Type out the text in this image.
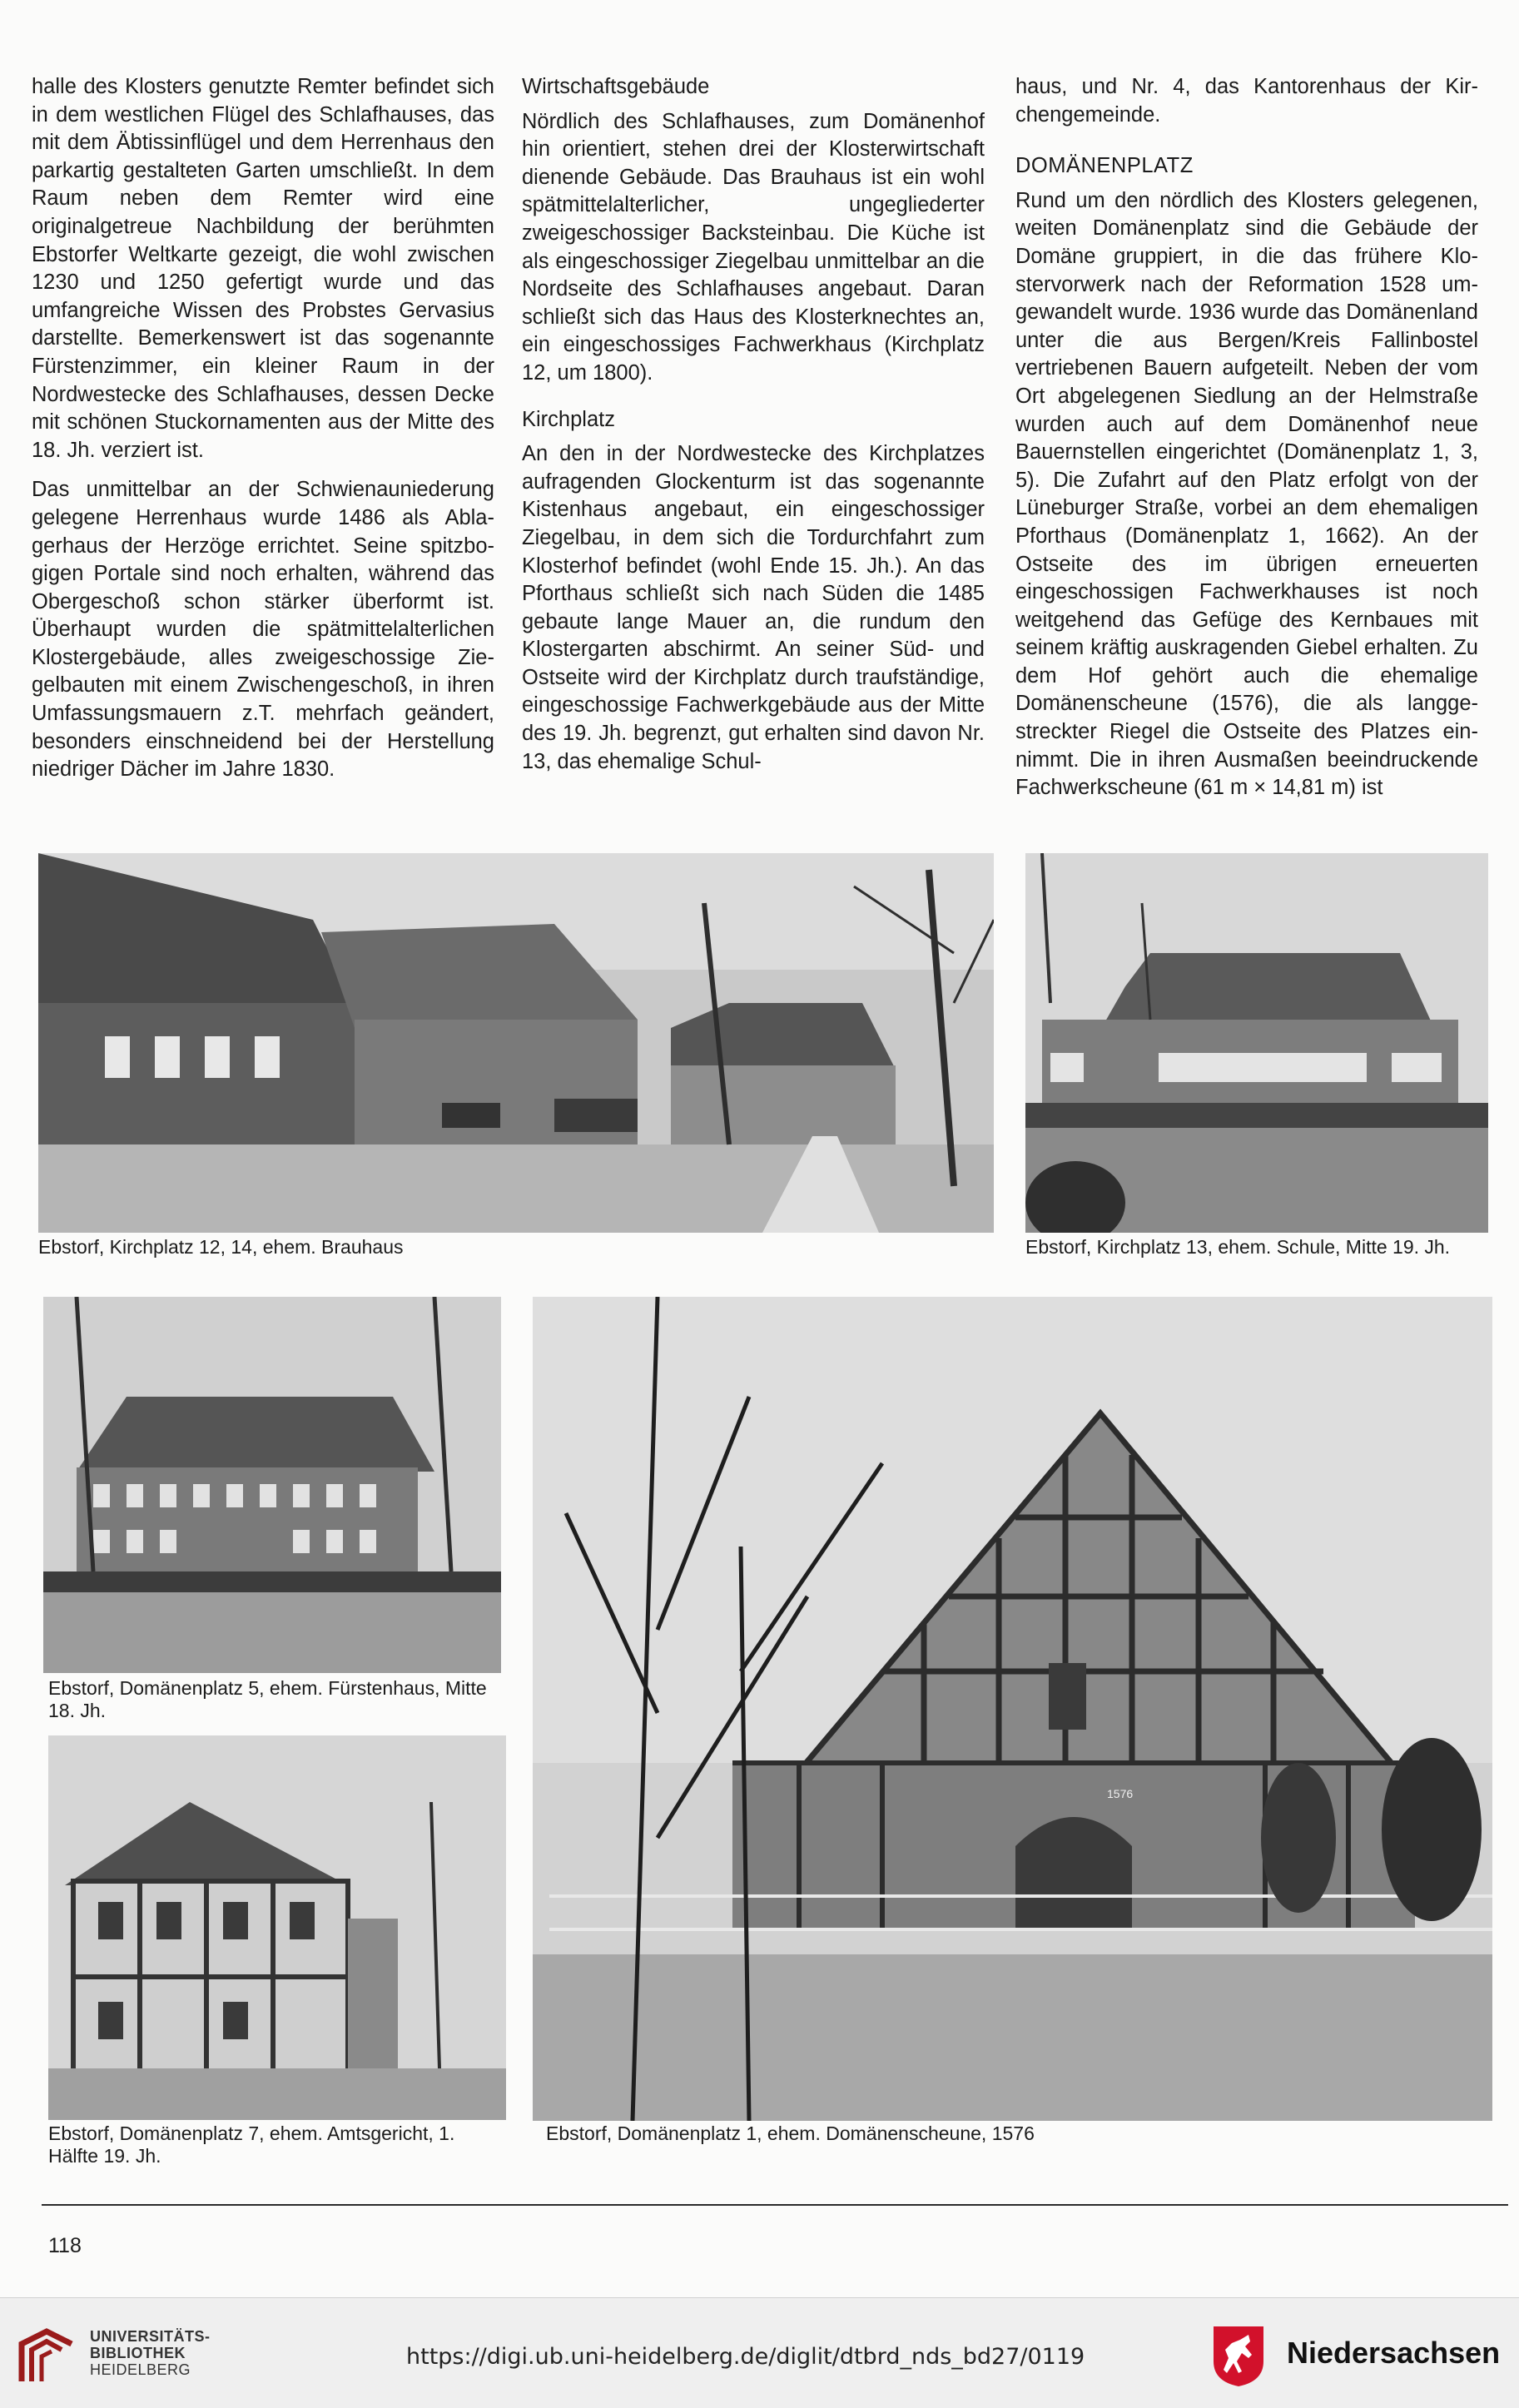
halle des Klosters genutzte Remter befindet sich in dem westlichen Flügel des Schlafhauses, das mit dem Äbtissinflügel und dem Herrenhaus den parkartig gestalteten Garten umschließt. In dem Raum neben dem Remter wird eine originalgetreue Nachbildung der berühmten Ebstorfer Weltkarte gezeigt, die wohl zwischen 1230 und 1250 gefertigt wurde und das umfangreiche Wissen des Probstes Gervasius darstellte. Bemerkenswert ist das sogenannte Fürstenzimmer, ein kleiner Raum in der Nordwestecke des Schlafhauses, dessen Decke mit schönen Stuckornamenten aus der Mitte des 18. Jh. verziert ist.

Das unmittelbar an der Schwienauniederung gelegene Herrenhaus wurde 1486 als Ablagerhaus der Herzöge errichtet. Seine spitzbogigen Portale sind noch erhalten, während das Obergeschoß schon stärker überformt ist. Überhaupt wurden die spätmittelalterlichen Klostergebäude, alles zweigeschossige Ziegelbauten mit einem Zwischengeschoß, in ihren Umfassungsmauern z.T. mehrfach geändert, besonders einschneidend bei der Herstellung niedriger Dächer im Jahre 1830.

Wirtschaftsgebäude

Nördlich des Schlafhauses, zum Domänenhof hin orientiert, stehen drei der Klosterwirtschaft dienende Gebäude. Das Brauhaus ist ein wohl spätmittelalterlicher, ungegliederter zweigeschossiger Backsteinbau. Die Küche ist als eingeschossiger Ziegelbau unmittelbar an die Nordseite des Schlafhauses angebaut. Daran schließt sich das Haus des Klosterknechtes an, ein eingeschossiges Fachwerkhaus (Kirchplatz 12, um 1800).

Kirchplatz

An den in der Nordwestecke des Kirchplatzes aufragenden Glockenturm ist das sogenannte Kistenhaus angebaut, ein eingeschossiger Ziegelbau, in dem sich die Tordurchfahrt zum Klosterhof befindet (wohl Ende 15. Jh.). An das Pforthaus schließt sich nach Süden die 1485 gebaute lange Mauer an, die rundum den Klostergarten abschirmt. An seiner Süd- und Ostseite wird der Kirchplatz durch traufständige, eingeschossige Fachwerkgebäude aus der Mitte des 19. Jh. begrenzt, gut erhalten sind davon Nr. 13, das ehemalige Schul-

haus, und Nr. 4, das Kantorenhaus der Kirchengemeinde.

DOMÄNENPLATZ

Rund um den nördlich des Klosters gelegenen, weiten Domänenplatz sind die Gebäude der Domäne gruppiert, in die das frühere Klostervorwerk nach der Reformation 1528 umgewandelt wurde. 1936 wurde das Domänenland unter die aus Bergen/Kreis Fallinbostel vertriebenen Bauern aufgeteilt. Neben der vom Ort abgelegenen Siedlung an der Helmstraße wurden auch auf dem Domänenhof neue Bauernstellen eingerichtet (Domänenplatz 1, 3, 5). Die Zufahrt auf den Platz erfolgt von der Lüneburger Straße, vorbei an dem ehemaligen Pforthaus (Domänenplatz 1, 1662). An der Ostseite des im übrigen erneuerten eingeschossigen Fachwerkhauses ist noch weitgehend das Gefüge des Kernbaues mit seinem kräftig auskragenden Giebel erhalten. Zu dem Hof gehört auch die ehemalige Domänenscheune (1576), die als langgestreckter Riegel die Ostseite des Platzes einnimmt. Die in ihren Ausmaßen beeindruckende Fachwerkscheune (61 m × 14,81 m) ist

Ebstorf, Kirchplatz 12, 14, ehem. Brauhaus	Ebstorf, Kirchplatz 13, ehem. Schule, Mitte 19. Jh.
Ebstorf, Domänenplatz 5, ehem. Fürstenhaus, Mitte 18. Jh.
Ebstorf, Domänenplatz 7, ehem. Amtsgericht, 1. Hälfte 19. Jh.
1576
Ebstorf, Domänenplatz 1, ehem. Domänenscheune, 1576
118
UNIVERSITÄTS-
BIBLIOTHEK
HEIDELBERG	https://digi.ub.uni-heidelberg.de/diglit/dtbrd_nds_bd27/0119	Niedersachsen
